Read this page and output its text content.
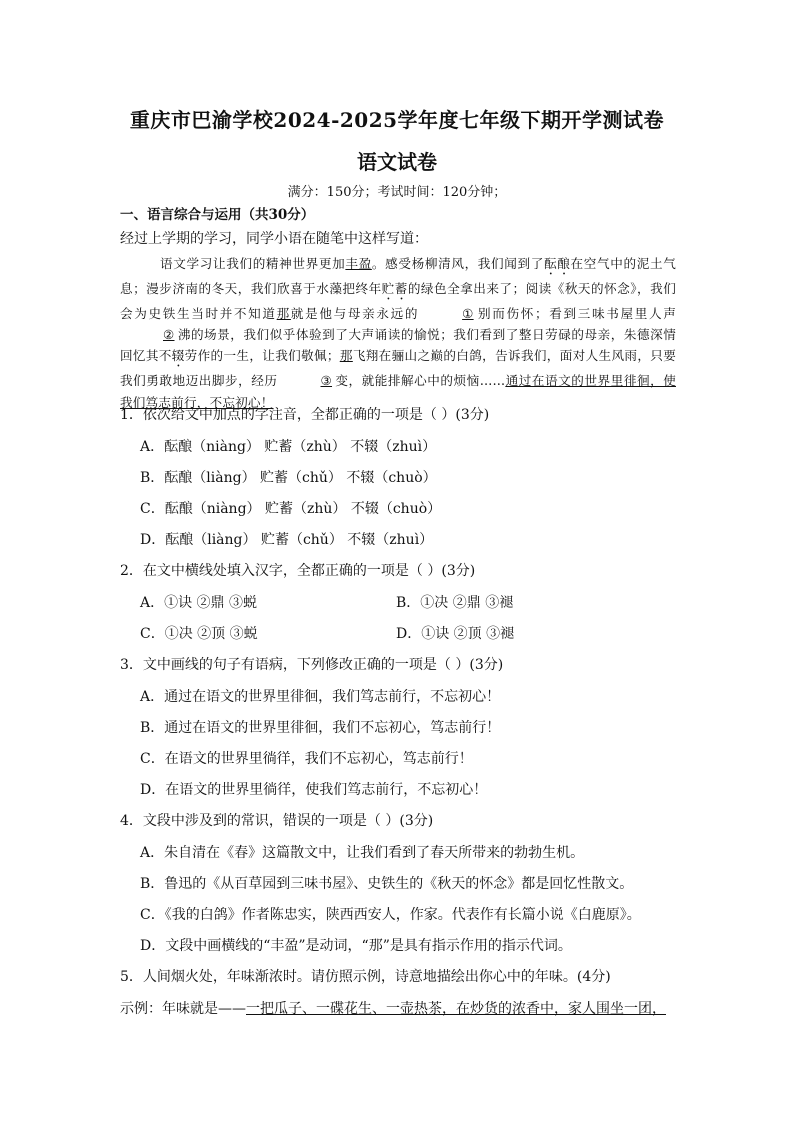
重庆市巴渝学校2024-2025学年度七年级下期开学测试卷
语文试卷
满分：150分；考试时间：120分钟；
一、语言综合与运用（共30分）
经过上学期的学习，同学小语在随笔中这样写道：
语文学习让我们的精神世界更加丰盈。感受杨柳清风，我们闻到了酝酿在空气中的泥土气息；漫步济南的冬天，我们欣喜于水藻把终年贮蓄的绿色全拿出来了；阅读《秋天的怀念》，我们会为史铁生当时并不知道那就是他与母亲永远的	① 别而伤怀；看到三味书屋里人声② 沸的场景，我们似乎体验到了大声诵读的愉悦；我们看到了整日劳碌的母亲，朱德深情回忆其不辍劳作的一生，让我们敬佩；那飞翔在骊山之巅的白鸽，告诉我们，面对人生风雨，只要我们勇敢地迈出脚步，经历	③ 变，就能排解心中的烦恼……通过在语文的世界里徘徊，使我们笃志前行，不忘初心！
1．依次给文中加点的字注音，全都正确的一项是（ ）(3分)
A．酝酿（niàng） 贮蓄（zhù） 不辍（zhuì）
B．酝酿（liàng） 贮蓄（chǔ） 不辍（chuò）
C．酝酿（niàng） 贮蓄（zhù） 不辍（chuò）
D．酝酿（liàng） 贮蓄（chǔ） 不辍（zhuì）
2．在文中横线处填入汉字，全都正确的一项是（ ）(3分)
A．①诀 ②鼎 ③蜕	B．①决 ②鼎 ③褪
C．①决 ②顶 ③蜕	D．①诀 ②顶 ③褪
3．文中画线的句子有语病，下列修改正确的一项是（ ）(3分)
A．通过在语文的世界里徘徊，我们笃志前行，不忘初心！
B．通过在语文的世界里徘徊，我们不忘初心，笃志前行！
C．在语文的世界里徜徉，我们不忘初心，笃志前行！
D．在语文的世界里徜徉，使我们笃志前行，不忘初心！
4．文段中涉及到的常识，错误的一项是（ ）(3分)
A．朱自清在《春》这篇散文中，让我们看到了春天所带来的勃勃生机。
B．鲁迅的《从百草园到三味书屋》、史铁生的《秋天的怀念》都是回忆性散文。
C．《我的白鸽》作者陈忠实，陕西西安人，作家。代表作有长篇小说《白鹿原》。
D．文段中画横线的“丰盈”是动词，“那”是具有指示作用的指示代词。
5．人间烟火处，年味渐浓时。请仿照示例，诗意地描绘出你心中的年味。(4分)
示例：年味就是——一把瓜子、一碟花生、一壶热茶，在炒货的浓香中，家人围坐一团，
